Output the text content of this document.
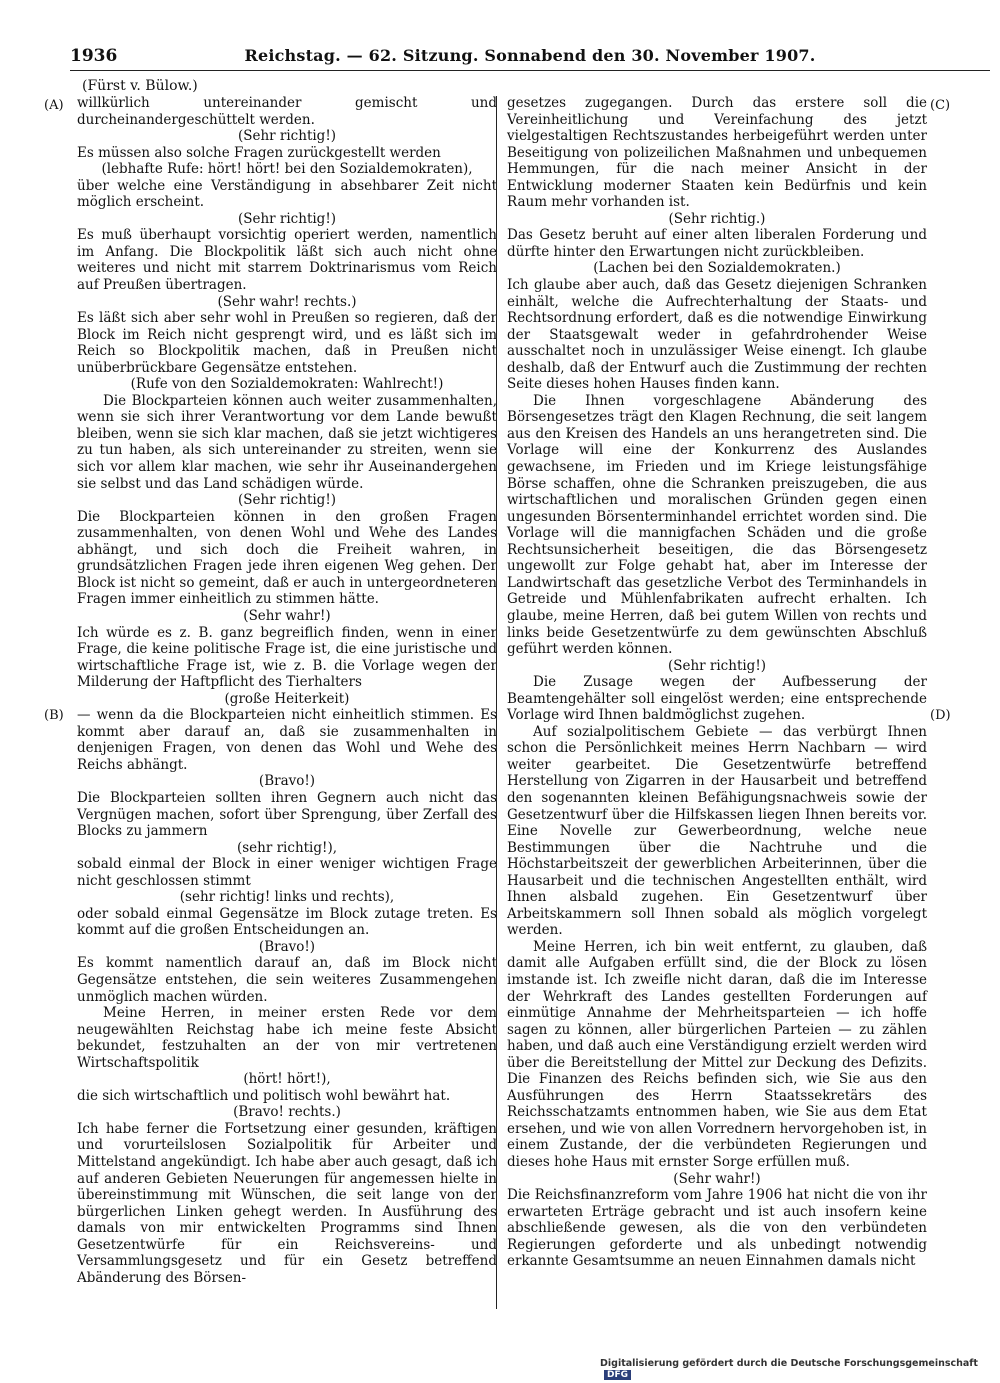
1936	Reichstag. — 62. Sitzung. Sonnabend den 30. November 1907.
(Fürst v. Bülow.)
(A)
(B)
(C)
(D)

willkürlich untereinander gemischt und durcheinandergeschüttelt werden.

(Sehr richtig!)

Es müssen also solche Fragen zurückgestellt werden

(lebhafte Rufe: hört! hört! bei den Sozialdemokraten),

über welche eine Verständigung in absehbarer Zeit nicht möglich erscheint.

(Sehr richtig!)

Es muß überhaupt vorsichtig operiert werden, namentlich im Anfang. Die Blockpolitik läßt sich auch nicht ohne weiteres und nicht mit starrem Doktrinarismus vom Reich auf Preußen übertragen.

(Sehr wahr! rechts.)

Es läßt sich aber sehr wohl in Preußen so regieren, daß der Block im Reich nicht gesprengt wird, und es läßt sich im Reich so Blockpolitik machen, daß in Preußen nicht unüberbrückbare Gegensätze entstehen.

(Rufe von den Sozialdemokraten: Wahlrecht!)

Die Blockparteien können auch weiter zusammenhalten, wenn sie sich ihrer Verantwortung vor dem Lande bewußt bleiben, wenn sie sich klar machen, daß sie jetzt wichtigeres zu tun haben, als sich untereinander zu streiten, wenn sie sich vor allem klar machen, wie sehr ihr Auseinandergehen sie selbst und das Land schädigen würde.

(Sehr richtig!)

Die Blockparteien können in den großen Fragen zusammenhalten, von denen Wohl und Wehe des Landes abhängt, und sich doch die Freiheit wahren, in grundsätzlichen Fragen jede ihren eigenen Weg gehen. Der Block ist nicht so gemeint, daß er auch in untergeordneteren Fragen immer einheitlich zu stimmen hätte.

(Sehr wahr!)

Ich würde es z. B. ganz begreiflich finden, wenn in einer Frage, die keine politische Frage ist, die eine juristische und wirtschaftliche Frage ist, wie z. B. die Vorlage wegen der Milderung der Haftpflicht des Tierhalters

(große Heiterkeit)

— wenn da die Blockparteien nicht einheitlich stimmen. Es kommt aber darauf an, daß sie zusammenhalten in denjenigen Fragen, von denen das Wohl und Wehe des Reichs abhängt.

(Bravo!)

Die Blockparteien sollten ihren Gegnern auch nicht das Vergnügen machen, sofort über Sprengung, über Zerfall des Blocks zu jammern

(sehr richtig!),

sobald einmal der Block in einer weniger wichtigen Frage nicht geschlossen stimmt

(sehr richtig! links und rechts),

oder sobald einmal Gegensätze im Block zutage treten. Es kommt auf die großen Entscheidungen an.

(Bravo!)

Es kommt namentlich darauf an, daß im Block nicht Gegensätze entstehen, die sein weiteres Zusammengehen unmöglich machen würden.

Meine Herren, in meiner ersten Rede vor dem neugewählten Reichstag habe ich meine feste Absicht bekundet, festzuhalten an der von mir vertretenen Wirtschaftspolitik

(hört! hört!),

die sich wirtschaftlich und politisch wohl bewährt hat.

(Bravo! rechts.)

Ich habe ferner die Fortsetzung einer gesunden, kräftigen und vorurteilslosen Sozialpolitik für Arbeiter und Mittelstand angekündigt. Ich habe aber auch gesagt, daß ich auf anderen Gebieten Neuerungen für angemessen hielte in übereinstimmung mit Wünschen, die seit lange von der bürgerlichen Linken gehegt werden. In Ausführung des damals von mir entwickelten Programms sind Ihnen Gesetzentwürfe für ein Reichsvereins- und Versammlungsgesetz und für ein Gesetz betreffend Abänderung des Börsen-

gesetzes zugegangen. Durch das erstere soll die Vereinheitlichung und Vereinfachung des jetzt vielgestaltigen Rechtszustandes herbeigeführt werden unter Beseitigung von polizeilichen Maßnahmen und unbequemen Hemmungen, für die nach meiner Ansicht in der Entwicklung moderner Staaten kein Bedürfnis und kein Raum mehr vorhanden ist.

(Sehr richtig.)

Das Gesetz beruht auf einer alten liberalen Forderung und dürfte hinter den Erwartungen nicht zurückbleiben.

(Lachen bei den Sozialdemokraten.)

Ich glaube aber auch, daß das Gesetz diejenigen Schranken einhält, welche die Aufrechterhaltung der Staats- und Rechtsordnung erfordert, daß es die notwendige Einwirkung der Staatsgewalt weder in gefahrdrohender Weise ausschaltet noch in unzulässiger Weise einengt. Ich glaube deshalb, daß der Entwurf auch die Zustimmung der rechten Seite dieses hohen Hauses finden kann.

Die Ihnen vorgeschlagene Abänderung des Börsengesetzes trägt den Klagen Rechnung, die seit langem aus den Kreisen des Handels an uns herangetreten sind. Die Vorlage will eine der Konkurrenz des Auslandes gewachsene, im Frieden und im Kriege leistungsfähige Börse schaffen, ohne die Schranken preiszugeben, die aus wirtschaftlichen und moralischen Gründen gegen einen ungesunden Börsenterminhandel errichtet worden sind. Die Vorlage will die mannigfachen Schäden und die große Rechtsunsicherheit beseitigen, die das Börsengesetz ungewollt zur Folge gehabt hat, aber im Interesse der Landwirtschaft das gesetzliche Verbot des Terminhandels in Getreide und Mühlenfabrikaten aufrecht erhalten. Ich glaube, meine Herren, daß bei gutem Willen von rechts und links beide Gesetzentwürfe zu dem gewünschten Abschluß geführt werden können.

(Sehr richtig!)

Die Zusage wegen der Aufbesserung der Beamtengehälter soll eingelöst werden; eine entsprechende Vorlage wird Ihnen baldmöglichst zugehen.

Auf sozialpolitischem Gebiete — das verbürgt Ihnen schon die Persönlichkeit meines Herrn Nachbarn — wird weiter gearbeitet. Die Gesetzentwürfe betreffend Herstellung von Zigarren in der Hausarbeit und betreffend den sogenannten kleinen Befähigungsnachweis sowie der Gesetzentwurf über die Hilfskassen liegen Ihnen bereits vor. Eine Novelle zur Gewerbeordnung, welche neue Bestimmungen über die Nachtruhe und die Höchstarbeitszeit der gewerblichen Arbeiterinnen, über die Hausarbeit und die technischen Angestellten enthält, wird Ihnen alsbald zugehen. Ein Gesetzentwurf über Arbeitskammern soll Ihnen sobald als möglich vorgelegt werden.

Meine Herren, ich bin weit entfernt, zu glauben, daß damit alle Aufgaben erfüllt sind, die der Block zu lösen imstande ist. Ich zweifle nicht daran, daß die im Interesse der Wehrkraft des Landes gestellten Forderungen auf einmütige Annahme der Mehrheitsparteien — ich hoffe sagen zu können, aller bürgerlichen Parteien — zu zählen haben, und daß auch eine Verständigung erzielt werden wird über die Bereitstellung der Mittel zur Deckung des Defizits. Die Finanzen des Reichs befinden sich, wie Sie aus den Ausführungen des Herrn Staatssekretärs des Reichsschatzamts entnommen haben, wie Sie aus dem Etat ersehen, und wie von allen Vorrednern hervorgehoben ist, in einem Zustande, der die verbündeten Regierungen und dieses hohe Haus mit ernster Sorge erfüllen muß.

(Sehr wahr!)

Die Reichsfinanzreform vom Jahre 1906 hat nicht die von ihr erwarteten Erträge gebracht und ist auch insofern keine abschließende gewesen, als die von den verbündeten Regierungen geforderte und als unbedingt notwendig erkannte Gesamtsumme an neuen Einnahmen damals nicht

Digitalisierung gefördert durch die Deutsche Forschungsgemeinschaft DFG
